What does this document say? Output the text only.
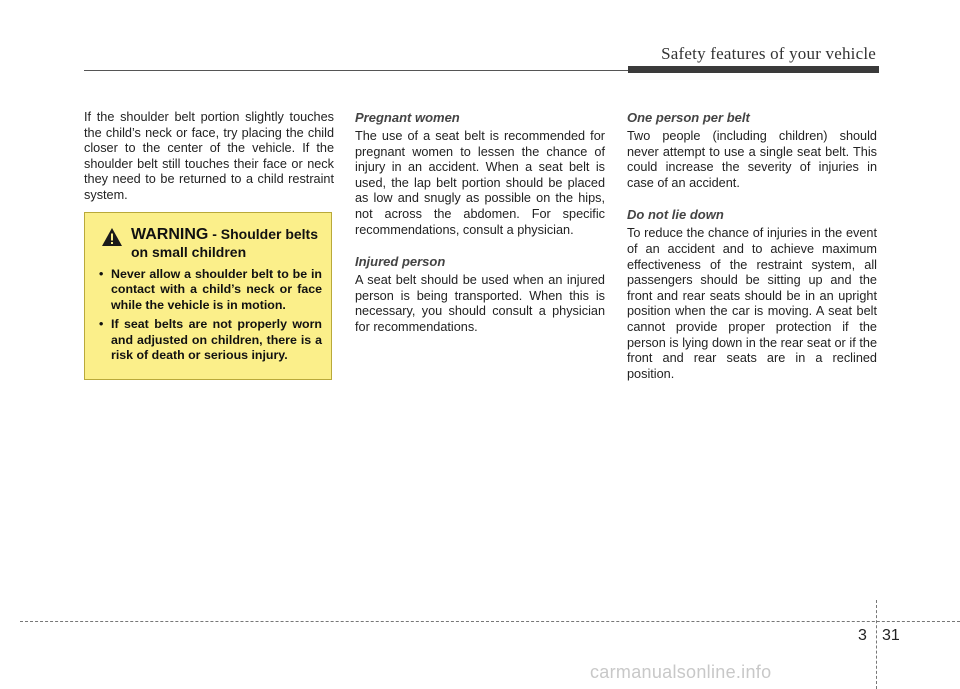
Safety features of your vehicle

If the shoulder belt portion slightly touches the child’s neck or face, try placing the child closer to the center of the vehicle. If the shoulder belt still touches their face or neck they need to be returned to a child restraint system.

WARNING - Shoulder belts
on small children
• Never allow a shoulder belt to be in contact with a child’s neck or face while the vehicle is in motion.
• If seat belts are not properly worn and adjusted on children, there is a risk of death or serious injury.
Pregnant women

The use of a seat belt is recommended for pregnant women to lessen the chance of injury in an accident. When a seat belt is used, the lap belt portion should be placed as low and snugly as possible on the hips, not across the abdomen. For specific recommendations, consult a physician.

Injured person

A seat belt should be used when an injured person is being transported. When this is necessary, you should consult a physician for recommendations.

One person per belt

Two people (including children) should never attempt to use a single seat belt. This could increase the severity of injuries in case of an accident.

Do not lie down

To reduce the chance of injuries in the event of an accident and to achieve maximum effectiveness of the restraint system, all passengers should be sitting up and the front and rear seats should be in an upright position when the car is moving. A seat belt cannot provide proper protection if the person is lying down in the rear seat or if the front and rear seats are in a reclined position.

3 31
carmanualsonline.info
